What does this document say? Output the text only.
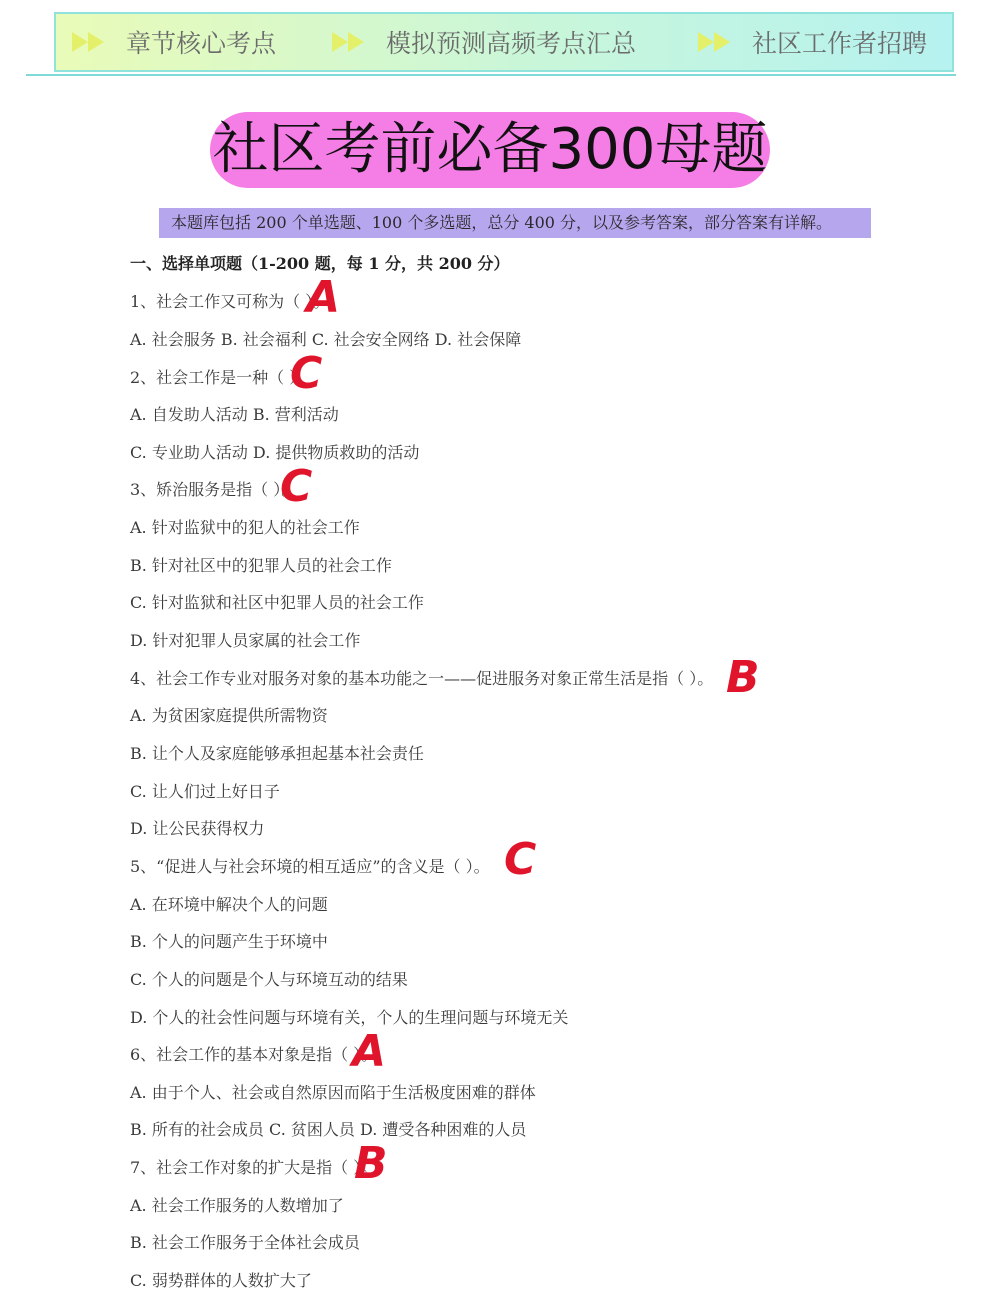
章节核心考点	模拟预测高频考点汇总	社区工作者招聘
社区考前必备300母题
本题库包括 200 个单选题、100 个多选题，总分 400 分，以及参考答案，部分答案有详解。
一、选择单项题（1-200 题，每 1 分，共 200 分）
1、社会工作又可称为（ ）。
A. 社会服务 B. 社会福利 C. 社会安全网络 D. 社会保障
2、社会工作是一种（ ）。
A. 自发助人活动 B. 营利活动
C. 专业助人活动 D. 提供物质救助的活动
3、矫治服务是指（ ）。
A. 针对监狱中的犯人的社会工作
B. 针对社区中的犯罪人员的社会工作
C. 针对监狱和社区中犯罪人员的社会工作
D. 针对犯罪人员家属的社会工作
4、社会工作专业对服务对象的基本功能之一——促进服务对象正常生活是指（ ）。
A. 为贫困家庭提供所需物资
B. 让个人及家庭能够承担起基本社会责任
C. 让人们过上好日子
D. 让公民获得权力
5、“促进人与社会环境的相互适应”的含义是（ ）。
A. 在环境中解决个人的问题
B. 个人的问题产生于环境中
C. 个人的问题是个人与环境互动的结果
D. 个人的社会性问题与环境有关，个人的生理问题与环境无关
6、社会工作的基本对象是指（ ）。
A. 由于个人、社会或自然原因而陷于生活极度困难的群体
B. 所有的社会成员 C. 贫困人员 D. 遭受各种困难的人员
7、社会工作对象的扩大是指（ ）。
A. 社会工作服务的人数增加了
B. 社会工作服务于全体社会成员
C. 弱势群体的人数扩大了
A
C
C
B
C
A
B
